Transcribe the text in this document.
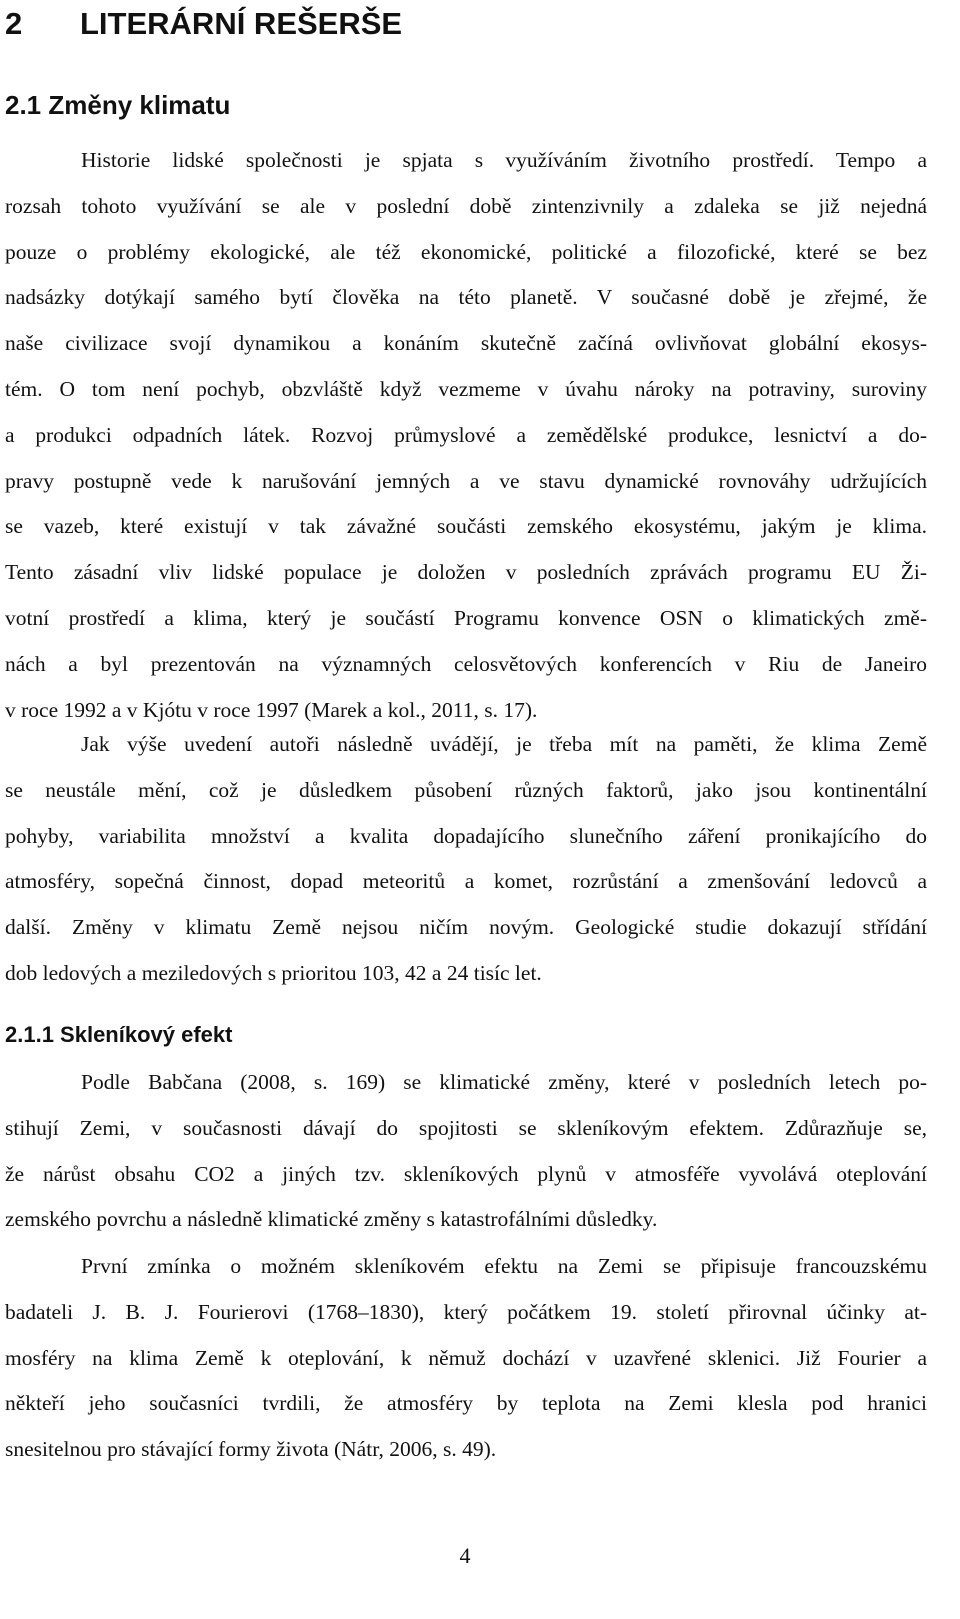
2 LITERÁRNÍ REŠERŠE
2.1 Změny klimatu
Historie lidské společnosti je spjata s využíváním životního prostředí. Tempo a
rozsah tohoto využívání se ale v poslední době zintenzivnily a zdaleka se již nejedná
pouze o problémy ekologické, ale též ekonomické, politické a filozofické, které se bez
nadsázky dotýkají samého bytí člověka na této planetě. V současné době je zřejmé, že
naše civilizace svojí dynamikou a konáním skutečně začíná ovlivňovat globální ekosys-
tém. O tom není pochyb, obzvláště když vezmeme v úvahu nároky na potraviny, suroviny
a produkci odpadních látek. Rozvoj průmyslové a zemědělské produkce, lesnictví a do-
pravy postupně vede k narušování jemných a ve stavu dynamické rovnováhy udržujících
se vazeb, které existují v tak závažné součásti zemského ekosystému, jakým je klima.
Tento zásadní vliv lidské populace je doložen v posledních zprávách programu EU Ži-
votní prostředí a klima, který je součástí Programu konvence OSN o klimatických změ-
nách a byl prezentován na významných celosvětových konferencích v Riu de Janeiro
v roce 1992 a v Kjótu v roce 1997 (Marek a kol., 2011, s. 17).
Jak výše uvedení autoři následně uvádějí, je třeba mít na paměti, že klima Země
se neustále mění, což je důsledkem působení různých faktorů, jako jsou kontinentální
pohyby, variabilita množství a kvalita dopadajícího slunečního záření pronikajícího do
atmosféry, sopečná činnost, dopad meteoritů a komet, rozrůstání a zmenšování ledovců a
další. Změny v klimatu Země nejsou ničím novým. Geologické studie dokazují střídání
dob ledových a meziledových s prioritou 103, 42 a 24 tisíc let.
2.1.1 Skleníkový efekt
Podle Babčana (2008, s. 169) se klimatické změny, které v posledních letech po-
stihují Zemi, v současnosti dávají do spojitosti se skleníkovým efektem. Zdůrazňuje se,
že nárůst obsahu CO2 a jiných tzv. skleníkových plynů v atmosféře vyvolává oteplování
zemského povrchu a následně klimatické změny s katastrofálními důsledky.
První zmínka o možném skleníkovém efektu na Zemi se připisuje francouzskému
badateli J. B. J. Fourierovi (1768–1830), který počátkem 19. století přirovnal účinky at-
mosféry na klima Země k oteplování, k němuž dochází v uzavřené sklenici. Již Fourier a
někteří jeho současníci tvrdili, že atmosféry by teplota na Zemi klesla pod hranici
snesitelnou pro stávající formy života (Nátr, 2006, s. 49).
4
